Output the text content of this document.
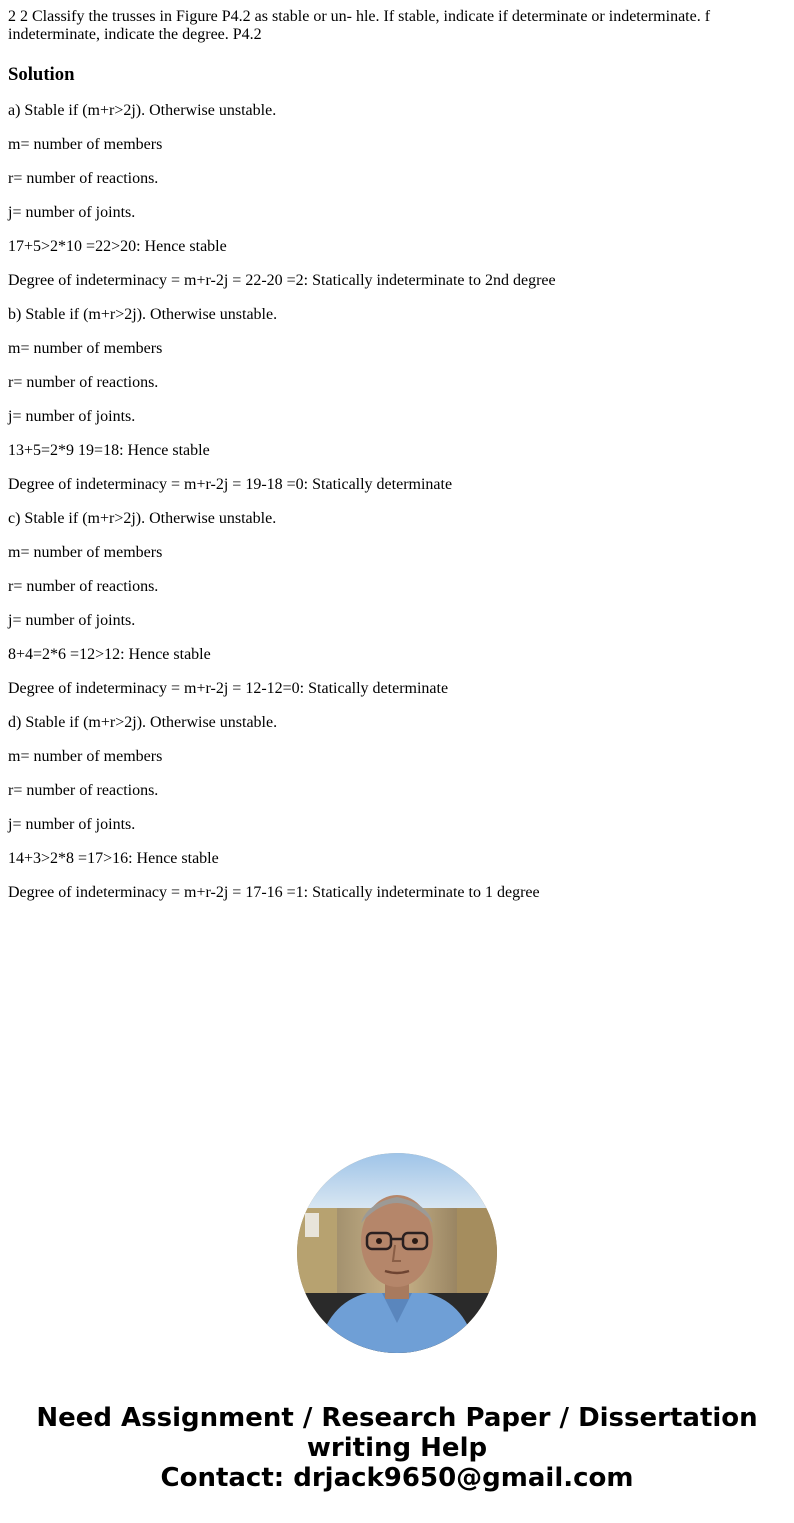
2 2 Classify the trusses in Figure P4.2 as stable or un- hle. If stable, indicate if determinate or indeterminate. f indeterminate, indicate the degree. P4.2

Solution

a) Stable if (m+r>2j). Otherwise unstable.

m= number of members

r= number of reactions.

j= number of joints.

17+5>2*10 =22>20: Hence stable

Degree of indeterminacy = m+r-2j = 22-20 =2: Statically indeterminate to 2nd degree

b) Stable if (m+r>2j). Otherwise unstable.

m= number of members

r= number of reactions.

j= number of joints.

13+5=2*9 19=18: Hence stable

Degree of indeterminacy = m+r-2j = 19-18 =0: Statically determinate

c) Stable if (m+r>2j). Otherwise unstable.

m= number of members

r= number of reactions.

j= number of joints.

8+4=2*6 =12>12: Hence stable

Degree of indeterminacy = m+r-2j = 12-12=0: Statically determinate

d) Stable if (m+r>2j). Otherwise unstable.

m= number of members

r= number of reactions.

j= number of joints.

14+3>2*8 =17>16: Hence stable

Degree of indeterminacy = m+r-2j = 17-16 =1: Statically indeterminate to 1 degree

Need Assignment / Research Paper / Dissertation
writing Help
Contact: drjack9650@gmail.com
